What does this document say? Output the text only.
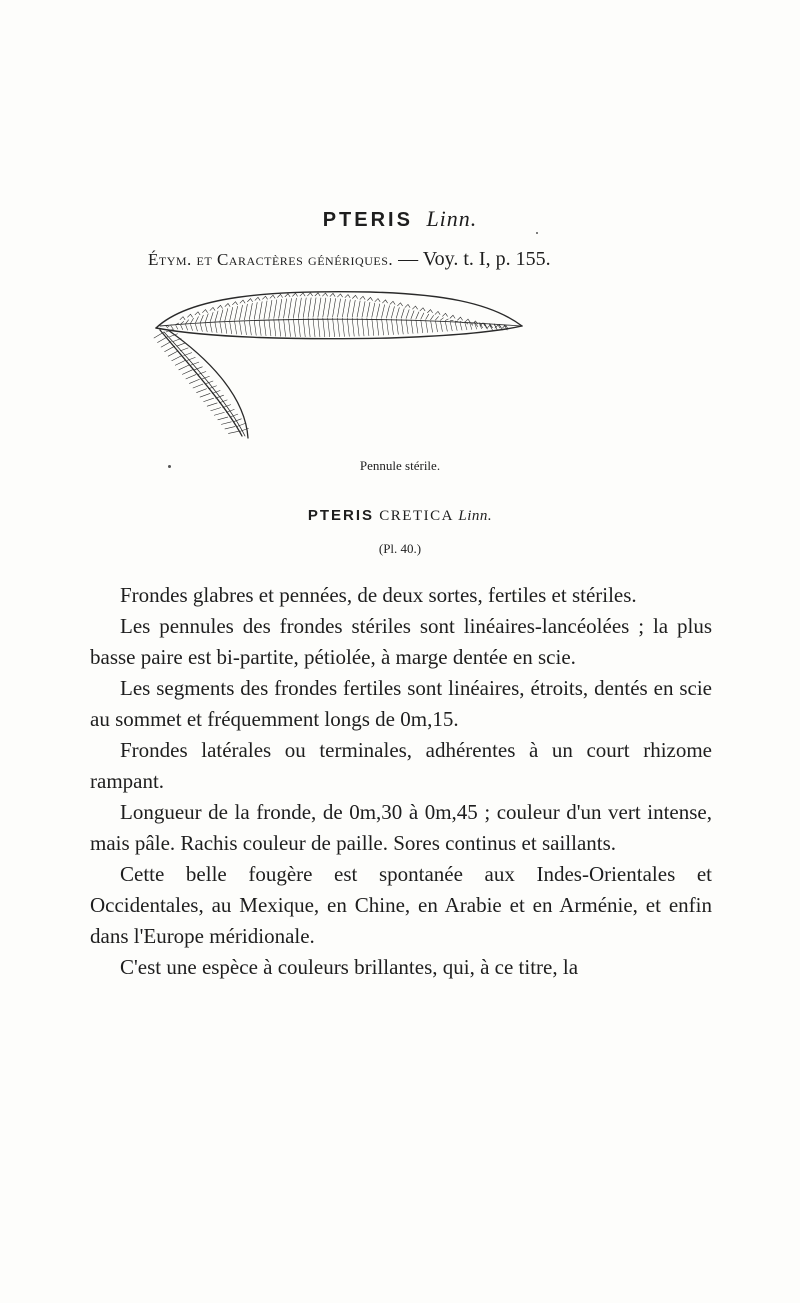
PTERIS Linn.
Étym. et Caractères génériques. — Voy. t. I, p. 155.
Pennule stérile.
PTERIS CRETICA Linn.
(Pl. 40.)

Frondes glabres et pennées, de deux sortes, fertiles et stériles.

Les pennules des frondes stériles sont linéaires-lancéolées ; la plus basse paire est bi-partite, pétiolée, à marge dentée en scie.

Les segments des frondes fertiles sont linéaires, étroits, dentés en scie au sommet et fréquemment longs de 0m,15.

Frondes latérales ou terminales, adhérentes à un court rhizome rampant.

Longueur de la fronde, de 0m,30 à 0m,45 ; couleur d'un vert intense, mais pâle. Rachis couleur de paille. Sores continus et saillants.

Cette belle fougère est spontanée aux Indes-Orientales et Occidentales, au Mexique, en Chine, en Arabie et en Arménie, et enfin dans l'Europe méridionale.

C'est une espèce à couleurs brillantes, qui, à ce titre, la
